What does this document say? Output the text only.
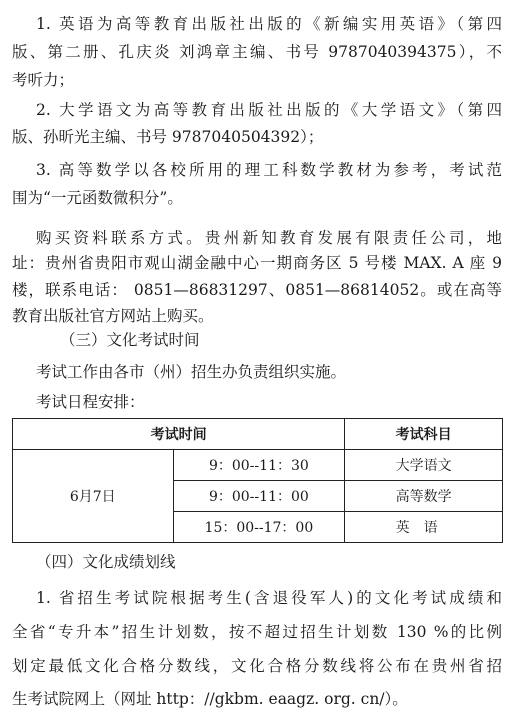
1. 英语为高等教育出版社出版的《新编实用英语》（第四
版、第二册、孔庆炎 刘鸿章主编、书号 9787040394375），不
考听力；
2. 大学语文为高等教育出版社出版的《大学语文》（第四
版、孙昕光主编、书号 9787040504392）；
3. 高等数学以各校所用的理工科数学教材为参考，考试范
围为“一元函数微积分”。
购买资料联系方式。贵州新知教育发展有限责任公司，地
址：贵州省贵阳市观山湖金融中心一期商务区 5 号楼 MAX. A 座 9
楼，联系电话： 0851—86831297、0851—86814052。或在高等
教育出版社官方网站上购买。
（三）文化考试时间
考试时间		考试科目
6月7日	9：00--11：30	大学语文
	9：00--11：00	高等数学
	15：00--17：00	英语
（四）文化成绩划线
1. 省招生考试院根据考生(含退役军人)的文化考试成绩和
全省“专升本”招生计划数，按不超过招生计划数 130 %的比例
划定最低文化合格分数线，文化合格分数线将公布在贵州省招
生考试院网上（网址 http：//gkbm. eaagz. org. cn/）。
考试工作由各市（州）招生办负责组织实施。
考试日程安排：
